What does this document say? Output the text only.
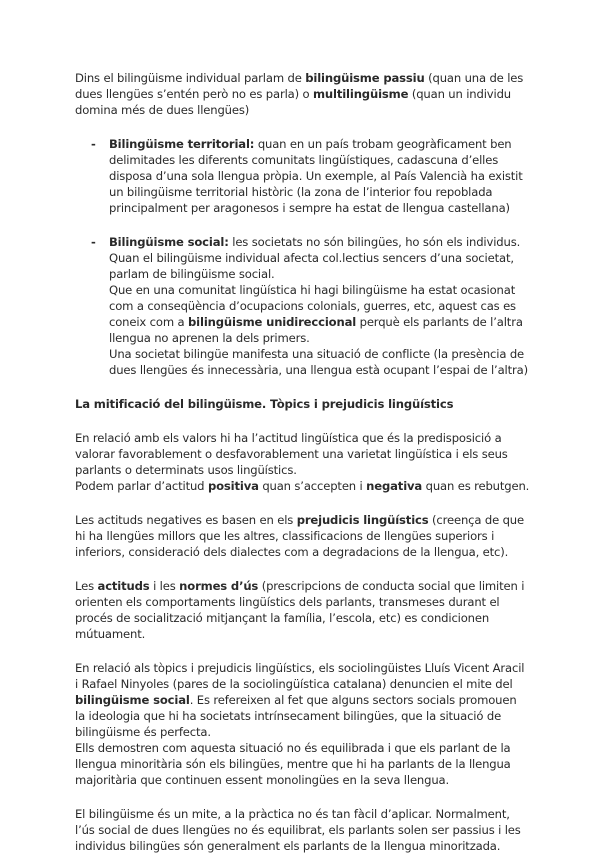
Dins el bilingüisme individual parlam de bilingüisme passiu (quan una de les dues llengües s’entén però no es parla) o multilingüisme (quan un individu domina més de dues llengües)

- Bilingüisme territorial: quan en un país trobam geogràficament ben delimitades les diferents comunitats lingüístiques, cadascuna d’elles disposa d’una sola llengua pròpia. Un exemple, al País Valencià ha existit un bilingüisme territorial històric (la zona de l’interior fou repoblada principalment per aragonesos i sempre ha estat de llengua castellana)
- Bilingüisme social: les societats no són bilingües, ho són els individus. Quan el bilingüisme individual afecta col.lectius sencers d’una societat, parlam de bilingüisme social.
Que en una comunitat lingüística hi hagi bilingüisme ha estat ocasionat com a conseqüència d’ocupacions colonials, guerres, etc, aquest cas es coneix com a bilingüisme unidireccional perquè els parlants de l’altra llengua no aprenen la dels primers.
Una societat bilingüe manifesta una situació de conflicte (la presència de dues llengües és innecessària, una llengua està ocupant l’espai de l’altra)

La mitificació del bilingüisme. Tòpics i prejudicis lingüístics

En relació amb els valors hi ha l’actitud lingüística que és la predisposició a valorar favorablement o desfavorablement una varietat lingüística i els seus parlants o determinats usos lingüístics.
Podem parlar d’actitud positiva quan s’accepten i negativa quan es rebutgen.

Les actituds negatives es basen en els prejudicis lingüístics (creença de que hi ha llengües millors que les altres, classificacions de llengües superiors i inferiors, consideració dels dialectes com a degradacions de la llengua, etc).

Les actituds i les normes d’ús (prescripcions de conducta social que limiten i orienten els comportaments lingüístics dels parlants, transmeses durant el procés de socialització mitjançant la família, l’escola, etc) es condicionen mútuament.

En relació als tòpics i prejudicis lingüístics, els sociolingüistes Lluís Vicent Aracil i Rafael Ninyoles (pares de la sociolingüística catalana) denuncien el mite del bilingüisme social. Es refereixen al fet que alguns sectors socials promouen la ideologia que hi ha societats intrínsecament bilingües, que la situació de bilingüisme és perfecta.
Ells demostren com aquesta situació no és equilibrada i que els parlant de la llengua minoritària són els bilingües, mentre que hi ha parlants de la llengua majoritària que continuen essent monolingües en la seva llengua.

El bilingüisme és un mite, a la pràctica no és tan fàcil d’aplicar. Normalment, l’ús social de dues llengües no és equilibrat, els parlants solen ser passius i les individus bilingües són generalment els parlants de la llengua minoritzada.
